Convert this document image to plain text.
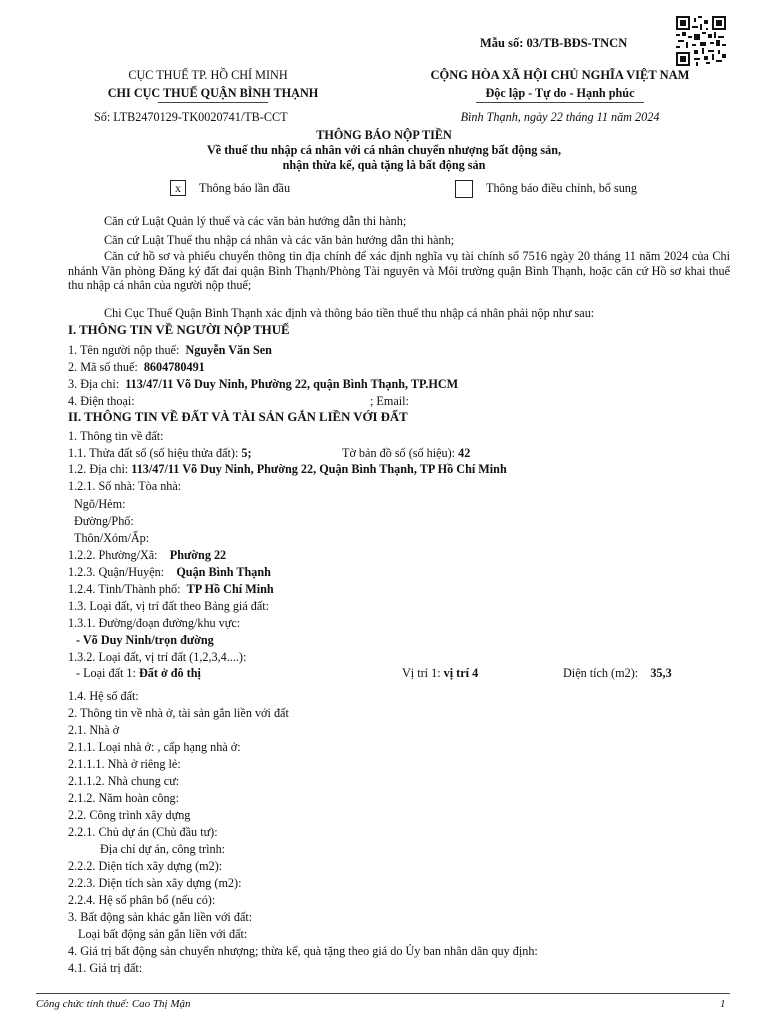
Mẫu số: 03/TB-BĐS-TNCN
CỤC THUẾ TP. HỒ CHÍ MINH
CHI CỤC THUẾ QUẬN BÌNH THẠNH
Số: LTB2470129-TK0020741/TB-CCT
CỘNG HÒA XÃ HỘI CHỦ NGHĨA VIỆT NAM
Độc lập - Tự do - Hạnh phúc
Bình Thạnh, ngày 22 tháng 11 năm 2024
THÔNG BÁO NỘP TIỀN
Về thuế thu nhập cá nhân với cá nhân chuyển nhượng bất động sản,
nhận thừa kế, quà tặng là bất động sản
x	Thông báo lần đầu	Thông báo điều chỉnh, bổ sung
Căn cứ Luật Quản lý thuế và các văn bản hướng dẫn thi hành;
Căn cứ Luật Thuế thu nhập cá nhân và các văn bản hướng dẫn thi hành;
Căn cứ hồ sơ và phiếu chuyển thông tin địa chính để xác định nghĩa vụ tài chính số 7516 ngày 20 tháng 11 năm 2024 của Chi nhánh Văn phòng Đăng ký đất đai quận Bình Thạnh/Phòng Tài nguyên và Môi trường quận Bình Thạnh, hoặc căn cứ Hồ sơ khai thuế thu nhập cá nhân của người nộp thuế;
Chi Cục Thuế Quận Bình Thạnh xác định và thông báo tiền thuế thu nhập cá nhân phải nộp như sau:
I. THÔNG TIN VỀ NGƯỜI NỘP THUẾ
1. Tên người nộp thuế: Nguyễn Văn Sen
2. Mã số thuế: 8604780491
3. Địa chỉ: 113/47/11 Võ Duy Ninh, Phường 22, quận Bình Thạnh, TP.HCM
4. Điện thoại:	; Email:
II. THÔNG TIN VỀ ĐẤT VÀ TÀI SẢN GẮN LIỀN VỚI ĐẤT
1. Thông tin về đất:
1.1. Thửa đất số (số hiệu thửa đất): 5;	Tờ bản đồ số (số hiệu): 42
1.2. Địa chỉ: 113/47/11 Võ Duy Ninh, Phường 22, Quận Bình Thạnh, TP Hồ Chí Minh
1.2.1. Số nhà: Tòa nhà:
Ngõ/Hẻm:
Đường/Phố:
Thôn/Xóm/Ấp:
1.2.2. Phường/Xã: Phường 22
1.2.3. Quận/Huyện: Quận Bình Thạnh
1.2.4. Tỉnh/Thành phố: TP Hồ Chí Minh
1.3. Loại đất, vị trí đất theo Bảng giá đất:
1.3.1. Đường/đoạn đường/khu vực:
- Võ Duy Ninh/trọn đường
1.3.2. Loại đất, vị trí đất (1,2,3,4....):
- Loại đất 1: Đất ở đô thị	Vị trí 1: vị trí 4	Diện tích (m2): 35,3
1.4. Hệ số đất:
2. Thông tin về nhà ở, tài sản gắn liền với đất
2.1. Nhà ở
2.1.1. Loại nhà ở: , cấp hạng nhà ở:
2.1.1.1. Nhà ở riêng lẻ:
2.1.1.2. Nhà chung cư:
2.1.2. Năm hoàn công:
2.2. Công trình xây dựng
2.2.1. Chủ dự án (Chủ đầu tư):
Địa chỉ dự án, công trình:
2.2.2. Diện tích xây dựng (m2):
2.2.3. Diện tích sàn xây dựng (m2):
2.2.4. Hệ số phân bổ (nếu có):
3. Bất động sản khác gắn liền với đất:
Loại bất động sản gắn liền với đất:
4. Giá trị bất động sản chuyển nhượng; thừa kế, quà tặng theo giá do Ủy ban nhân dân quy định:
4.1. Giá trị đất:
Công chức tính thuế: Cao Thị Mận	1
